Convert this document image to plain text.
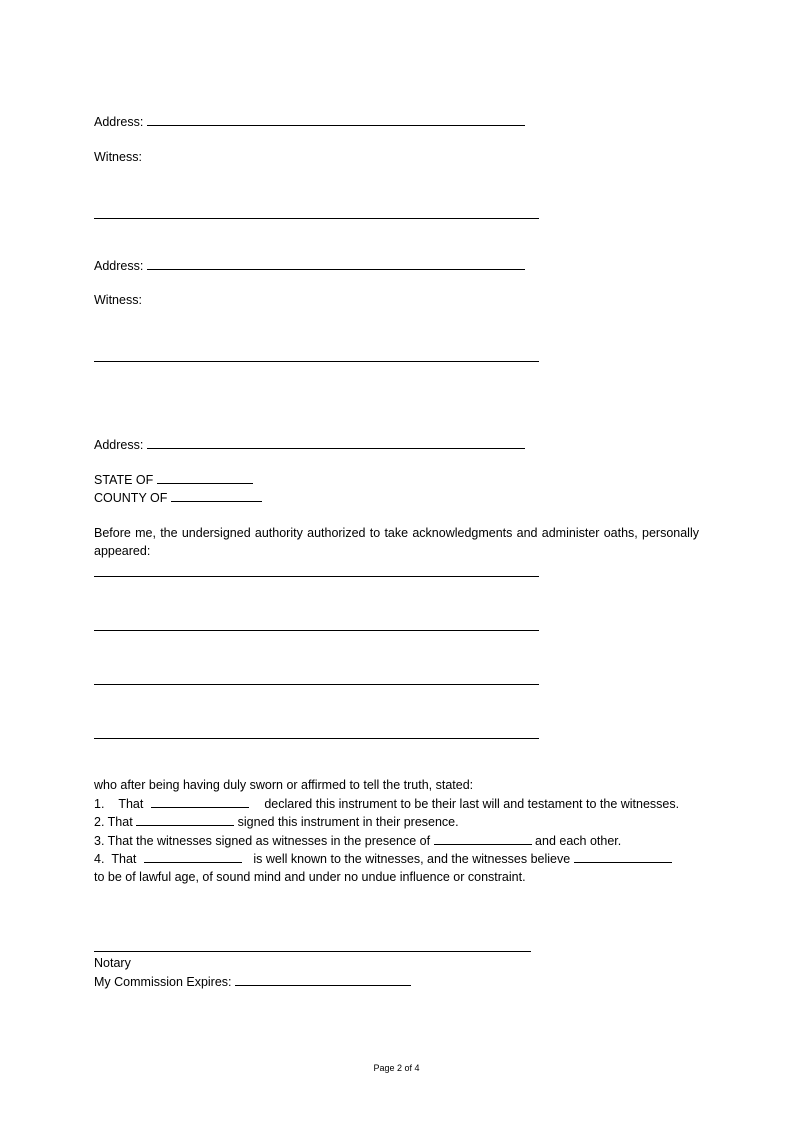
Address:
Witness:
Address:
Witness:
Address:
STATE OF
COUNTY OF
Before me, the undersigned authority authorized to take acknowledgments and administer oaths, personally appeared:
who after being having duly sworn or affirmed to tell the truth, stated:
1.    That	declared this instrument to be their last will and testament to the witnesses.
2. That	signed this instrument in their presence.
3. That the witnesses signed as witnesses in the presence of	and each other.
4.  That	is well known to the witnesses, and the witnesses believe
to be of lawful age, of sound mind and under no undue influence or constraint.
Notary
My Commission Expires:
Page 2 of 4
